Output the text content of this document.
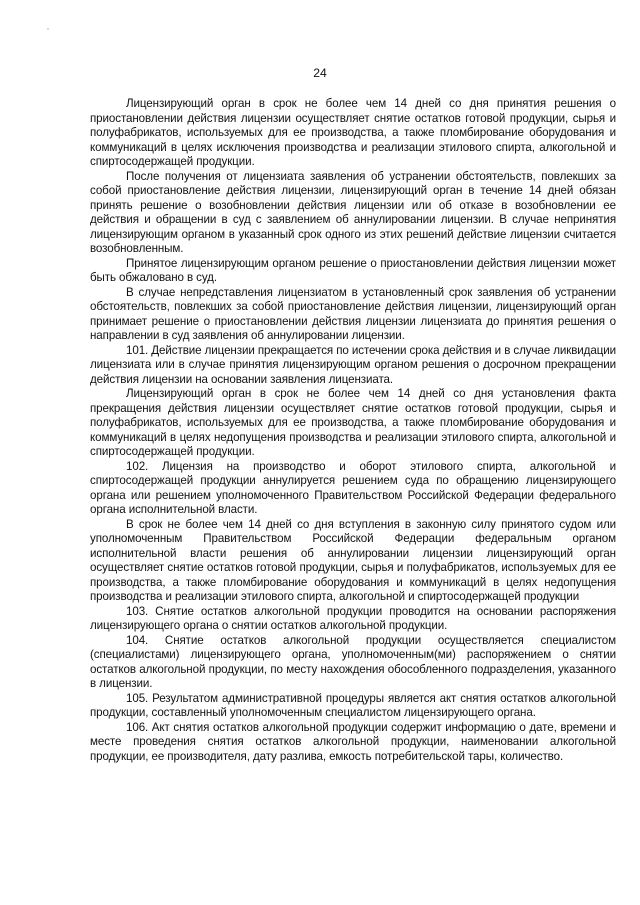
24

Лицензирующий орган в срок не более чем 14 дней со дня принятия решения о приостановлении действия лицензии осуществляет снятие остатков готовой продукции, сырья и полуфабрикатов, используемых для ее производства, а также пломбирование оборудования и коммуникаций в целях исключения производства и реализации этилового спирта, алкогольной и спиртосодержащей продукции.

После получения от лицензиата заявления об устранении обстоятельств, повлекших за собой приостановление действия лицензии, лицензирующий орган в течение 14 дней обязан принять решение о возобновлении действия лицензии или об отказе в возобновлении ее действия и обращении в суд с заявлением об аннулировании лицензии. В случае непринятия лицензирующим органом в указанный срок одного из этих решений действие лицензии считается возобновленным.

Принятое лицензирующим органом решение о приостановлении действия лицензии может быть обжаловано в суд.

В случае непредставления лицензиатом в установленный срок заявления об устранении обстоятельств, повлекших за собой приостановление действия лицензии, лицензирующий орган принимает решение о приостановлении действия лицензии лицензиата до принятия решения о направлении в суд заявления об аннулировании лицензии.

101. Действие лицензии прекращается по истечении срока действия и в случае ликвидации лицензиата или в случае принятия лицензирующим органом решения о досрочном прекращении действия лицензии на основании заявления лицензиата.

Лицензирующий орган в срок не более чем 14 дней со дня установления факта прекращения действия лицензии осуществляет снятие остатков готовой продукции, сырья и полуфабрикатов, используемых для ее производства, а также пломбирование оборудования и коммуникаций в целях недопущения производства и реализации этилового спирта, алкогольной и спиртосодержащей продукции.

102. Лицензия на производство и оборот этилового спирта, алкогольной и спиртосодержащей продукции аннулируется решением суда по обращению лицензирующего органа или решением уполномоченного Правительством Российской Федерации федерального органа исполнительной власти.

В срок не более чем 14 дней со дня вступления в законную силу принятого судом или уполномоченным Правительством Российской Федерации федеральным органом исполнительной власти решения об аннулировании лицензии лицензирующий орган осуществляет снятие остатков готовой продукции, сырья и полуфабрикатов, используемых для ее производства, а также пломбирование оборудования и коммуникаций в целях недопущения производства и реализации этилового спирта, алкогольной и спиртосодержащей продукции

103. Снятие остатков алкогольной продукции проводится на основании распоряжения лицензирующего органа о снятии остатков алкогольной продукции.

104. Снятие остатков алкогольной продукции осуществляется специалистом (специалистами) лицензирующего органа, уполномоченным(ми) распоряжением о снятии остатков алкогольной продукции, по месту нахождения обособленного подразделения, указанного в лицензии.

105. Результатом административной процедуры является акт снятия остатков алкогольной продукции, составленный уполномоченным специалистом лицензирующего органа.

106. Акт снятия остатков алкогольной продукции содержит информацию о дате, времени и месте проведения снятия остатков алкогольной продукции, наименовании алкогольной продукции, ее производителя, дату разлива, емкость потребительской тары, количество.
